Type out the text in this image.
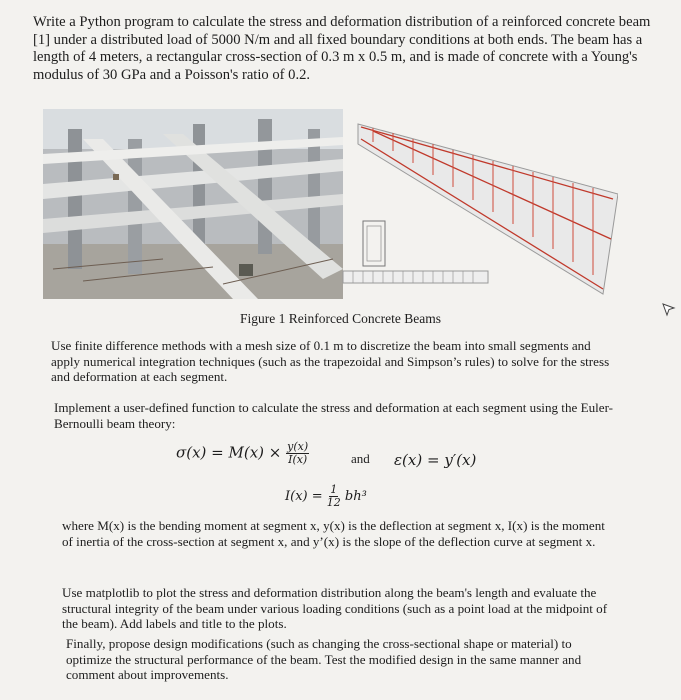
Write a Python program to calculate the stress and deformation distribution of a reinforced concrete beam [1] under a distributed load of 5000 N/m and all fixed boundary conditions at both ends. The beam has a length of 4 meters, a rectangular cross-section of 0.3 m x 0.5 m, and is made of concrete with a Young's modulus of 30 GPa and a Poisson's ratio of 0.2.

Figure 1 Reinforced Concrete Beams

Use finite difference methods with a mesh size of 0.1 m to discretize the beam into small segments and apply numerical integration techniques (such as the trapezoidal and Simpson’s rules) to solve for the stress and deformation at each segment.

Implement a user-defined function to calculate the stress and deformation at each segment using the Euler-Bernoulli beam theory:

$\sigma(x) = M(x) \times \frac{y(x)}{I(x)}$	and ε(x) = y′(x)
$I(x) = \frac{1}{12} bh^3$

where M(x) is the bending moment at segment x, y(x) is the deflection at segment x, I(x) is the moment of inertia of the cross-section at segment x, and y’(x) is the slope of the deflection curve at segment x.

Use matplotlib to plot the stress and deformation distribution along the beam's length and evaluate the structural integrity of the beam under various loading conditions (such as a point load at the midpoint of the beam). Add labels and title to the plots.

Finally, propose design modifications (such as changing the cross-sectional shape or material) to optimize the structural performance of the beam. Test the modified design in the same manner and comment about improvements.
